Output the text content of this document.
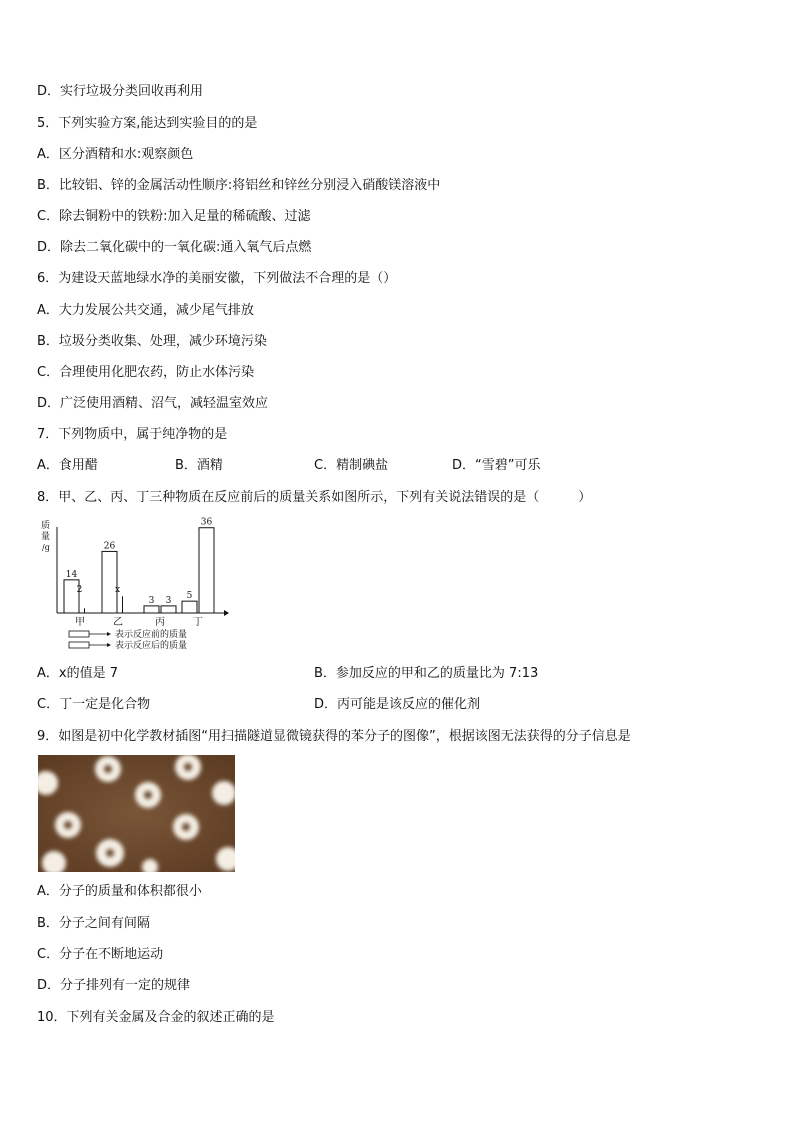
D．实行垃圾分类回收再利用
5．下列实验方案,能达到实验目的的是
A．区分酒精和水:观察颜色
B．比较铝、锌的金属活动性顺序:将铝丝和锌丝分别浸入硝酸镁溶液中
C．除去铜粉中的铁粉:加入足量的稀硫酸、过滤
D．除去二氧化碳中的一氧化碳:通入氧气后点燃
6．为建设天蓝地绿水净的美丽安徽，下列做法不合理的是（）
A．大力发展公共交通，减少尾气排放
B．垃圾分类收集、处理，减少环境污染
C．合理使用化肥农药，防止水体污染
D．广泛使用酒精、沼气，减轻温室效应
7．下列物质中，属于纯净物的是
A．食用醋	B．酒精	C．精制碘盐	D．“雪碧”可乐
8．甲、乙、丙、丁三种物质在反应前后的质量关系如图所示，下列有关说法错误的是（　　　）
质
量
/g
14
2
26
x
3 3 5
36
甲	乙	丙	丁
表示反应前的质量
表示反应后的质量
A．x的值是 7	B．参加反应的甲和乙的质量比为 7:13
C．丁一定是化合物	D．丙可能是该反应的催化剂
9．如图是初中化学教材插图“用扫描隧道显微镜获得的苯分子的图像”，根据该图无法获得的分子信息是
A．分子的质量和体积都很小
B．分子之间有间隔
C．分子在不断地运动
D．分子排列有一定的规律
10．下列有关金属及合金的叙述正确的是
